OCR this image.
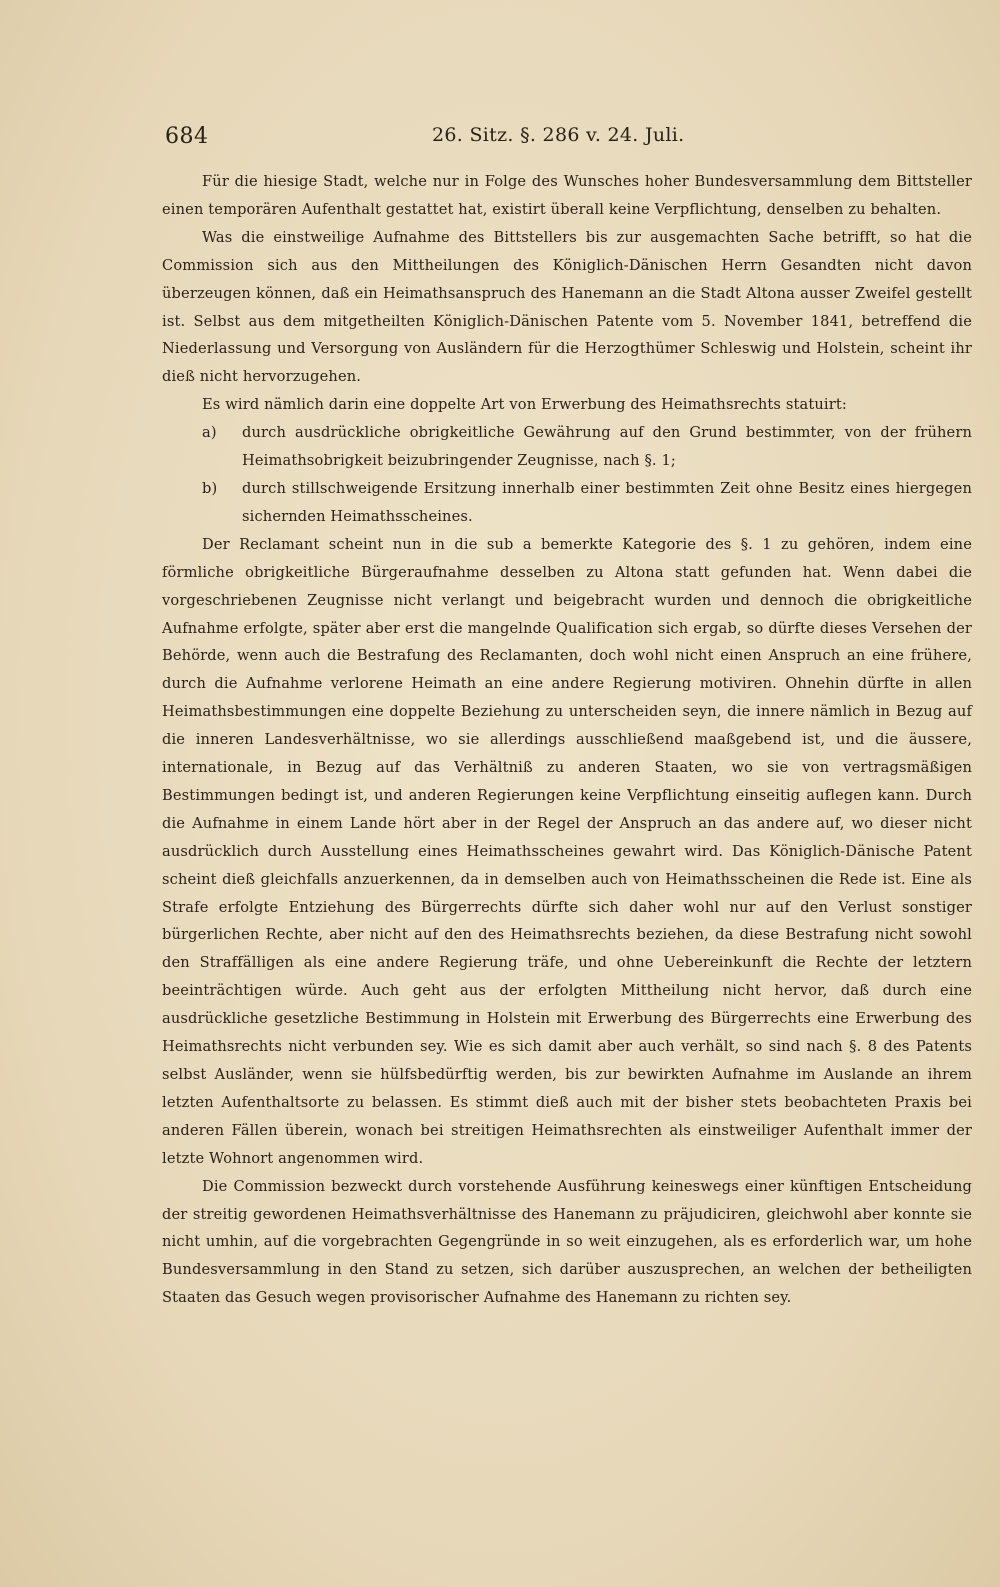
684	26. Sitz. §. 286 v. 24. Juli.

Für die hiesige Stadt, welche nur in Folge des Wunsches hoher Bundesversammlung dem Bittsteller einen temporären Aufenthalt gestattet hat, existirt überall keine Verpflichtung, denselben zu behalten.

Was die einstweilige Aufnahme des Bittstellers bis zur ausgemachten Sache betrifft, so hat die Commission sich aus den Mittheilungen des Königlich-Dänischen Herrn Gesandten nicht davon überzeugen können, daß ein Heimathsanspruch des Hanemann an die Stadt Altona ausser Zweifel gestellt ist. Selbst aus dem mitgetheilten Königlich-Dänischen Patente vom 5. November 1841, betreffend die Niederlassung und Versorgung von Ausländern für die Herzogthümer Schleswig und Holstein, scheint ihr dieß nicht hervorzugehen.

Es wird nämlich darin eine doppelte Art von Erwerbung des Heimathsrechts statuirt:

a) durch ausdrückliche obrigkeitliche Gewährung auf den Grund bestimmter, von der frühern Heimathsobrigkeit beizubringender Zeugnisse, nach §. 1;

b) durch stillschweigende Ersitzung innerhalb einer bestimmten Zeit ohne Besitz eines hiergegen sichernden Heimathsscheines.

Der Reclamant scheint nun in die sub a bemerkte Kategorie des §. 1 zu gehören, indem eine förmliche obrigkeitliche Bürgeraufnahme desselben zu Altona statt gefunden hat. Wenn dabei die vorgeschriebenen Zeugnisse nicht verlangt und beigebracht wurden und dennoch die obrigkeitliche Aufnahme erfolgte, später aber erst die mangelnde Qualification sich ergab, so dürfte dieses Versehen der Behörde, wenn auch die Bestrafung des Reclamanten, doch wohl nicht einen Anspruch an eine frühere, durch die Aufnahme verlorene Heimath an eine andere Regierung motiviren. Ohnehin dürfte in allen Heimathsbestimmungen eine doppelte Beziehung zu unterscheiden seyn, die innere nämlich in Bezug auf die inneren Landesverhältnisse, wo sie allerdings ausschließend maaßgebend ist, und die äussere, internationale, in Bezug auf das Verhältniß zu anderen Staaten, wo sie von vertragsmäßigen Bestimmungen bedingt ist, und anderen Regierungen keine Verpflichtung einseitig auflegen kann. Durch die Aufnahme in einem Lande hört aber in der Regel der Anspruch an das andere auf, wo dieser nicht ausdrücklich durch Ausstellung eines Heimathsscheines gewahrt wird. Das Königlich-Dänische Patent scheint dieß gleichfalls anzuerkennen, da in demselben auch von Heimathsscheinen die Rede ist. Eine als Strafe erfolgte Entziehung des Bürgerrechts dürfte sich daher wohl nur auf den Verlust sonstiger bürgerlichen Rechte, aber nicht auf den des Heimathsrechts beziehen, da diese Bestrafung nicht sowohl den Straffälligen als eine andere Regierung träfe, und ohne Uebereinkunft die Rechte der letztern beeinträchtigen würde. Auch geht aus der erfolgten Mittheilung nicht hervor, daß durch eine ausdrückliche gesetzliche Bestimmung in Holstein mit Erwerbung des Bürgerrechts eine Erwerbung des Heimathsrechts nicht verbunden sey. Wie es sich damit aber auch verhält, so sind nach §. 8 des Patents selbst Ausländer, wenn sie hülfsbedürftig werden, bis zur bewirkten Aufnahme im Auslande an ihrem letzten Aufenthaltsorte zu belassen. Es stimmt dieß auch mit der bisher stets beobachteten Praxis bei anderen Fällen überein, wonach bei streitigen Heimathsrechten als einstweiliger Aufenthalt immer der letzte Wohnort angenommen wird.

Die Commission bezweckt durch vorstehende Ausführung keineswegs einer künftigen Entscheidung der streitig gewordenen Heimathsverhältnisse des Hanemann zu präjudiciren, gleichwohl aber konnte sie nicht umhin, auf die vorgebrachten Gegengründe in so weit einzugehen, als es erforderlich war, um hohe Bundesversammlung in den Stand zu setzen, sich darüber auszusprechen, an welchen der betheiligten Staaten das Gesuch wegen provisorischer Aufnahme des Hanemann zu richten sey.
